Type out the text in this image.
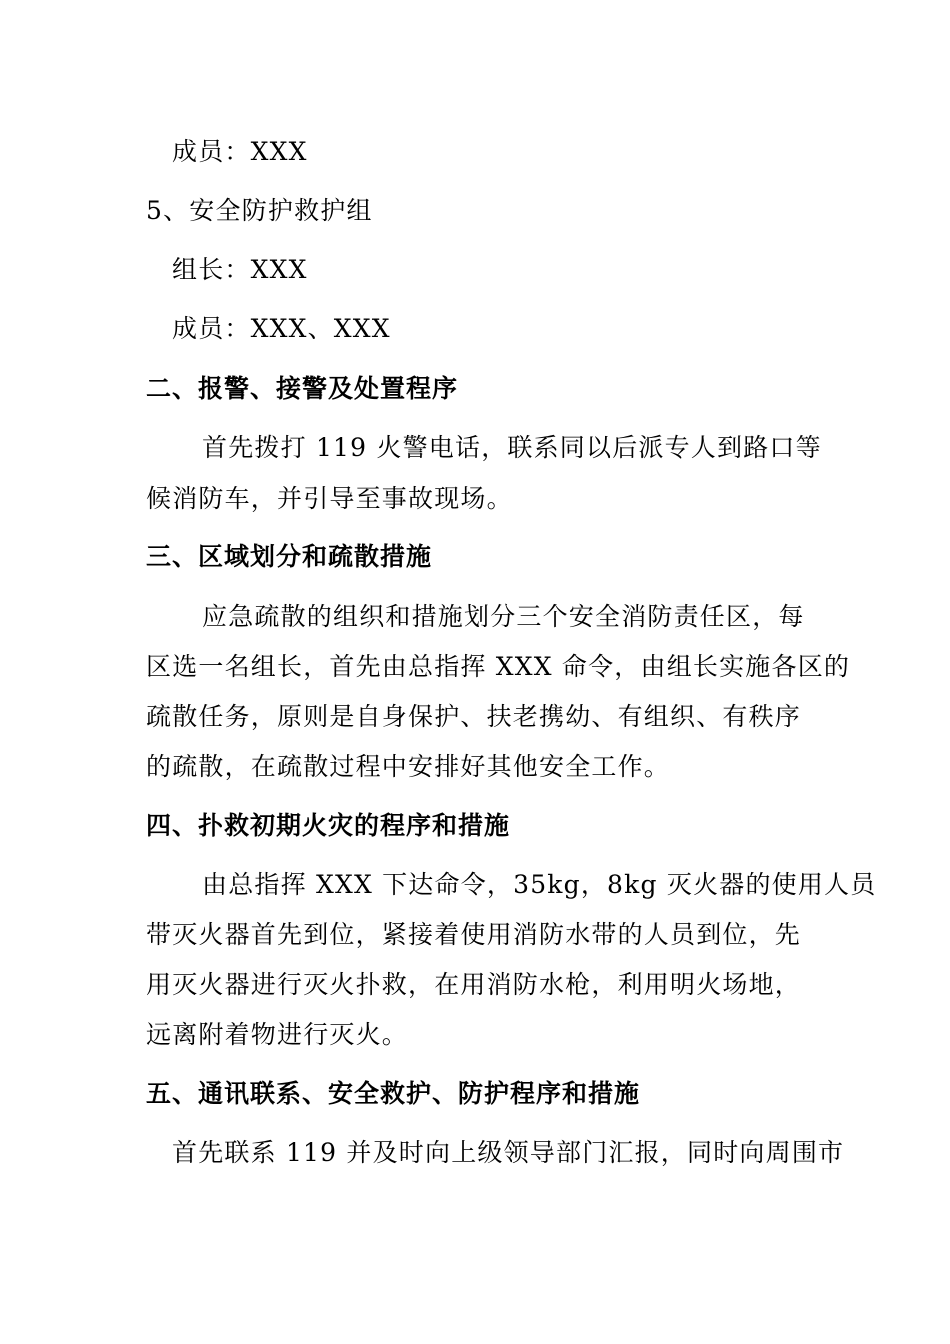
成员：XXX
5、安全防护救护组
组长：XXX
成员：XXX、XXX
二、报警、接警及处置程序
首先拨打 119 火警电话，联系同以后派专人到路口等
候消防车，并引导至事故现场。
三、区域划分和疏散措施
应急疏散的组织和措施划分三个安全消防责任区，每
区选一名组长，首先由总指挥 XXX 命令，由组长实施各区的
疏散任务，原则是自身保护、扶老携幼、有组织、有秩序
的疏散，在疏散过程中安排好其他安全工作。
四、扑救初期火灾的程序和措施
由总指挥 XXX 下达命令，35kg，8kg 灭火器的使用人员
带灭火器首先到位，紧接着使用消防水带的人员到位，先
用灭火器进行灭火扑救，在用消防水枪，利用明火场地，
远离附着物进行灭火。
五、通讯联系、安全救护、防护程序和措施
首先联系 119 并及时向上级领导部门汇报，同时向周围市
